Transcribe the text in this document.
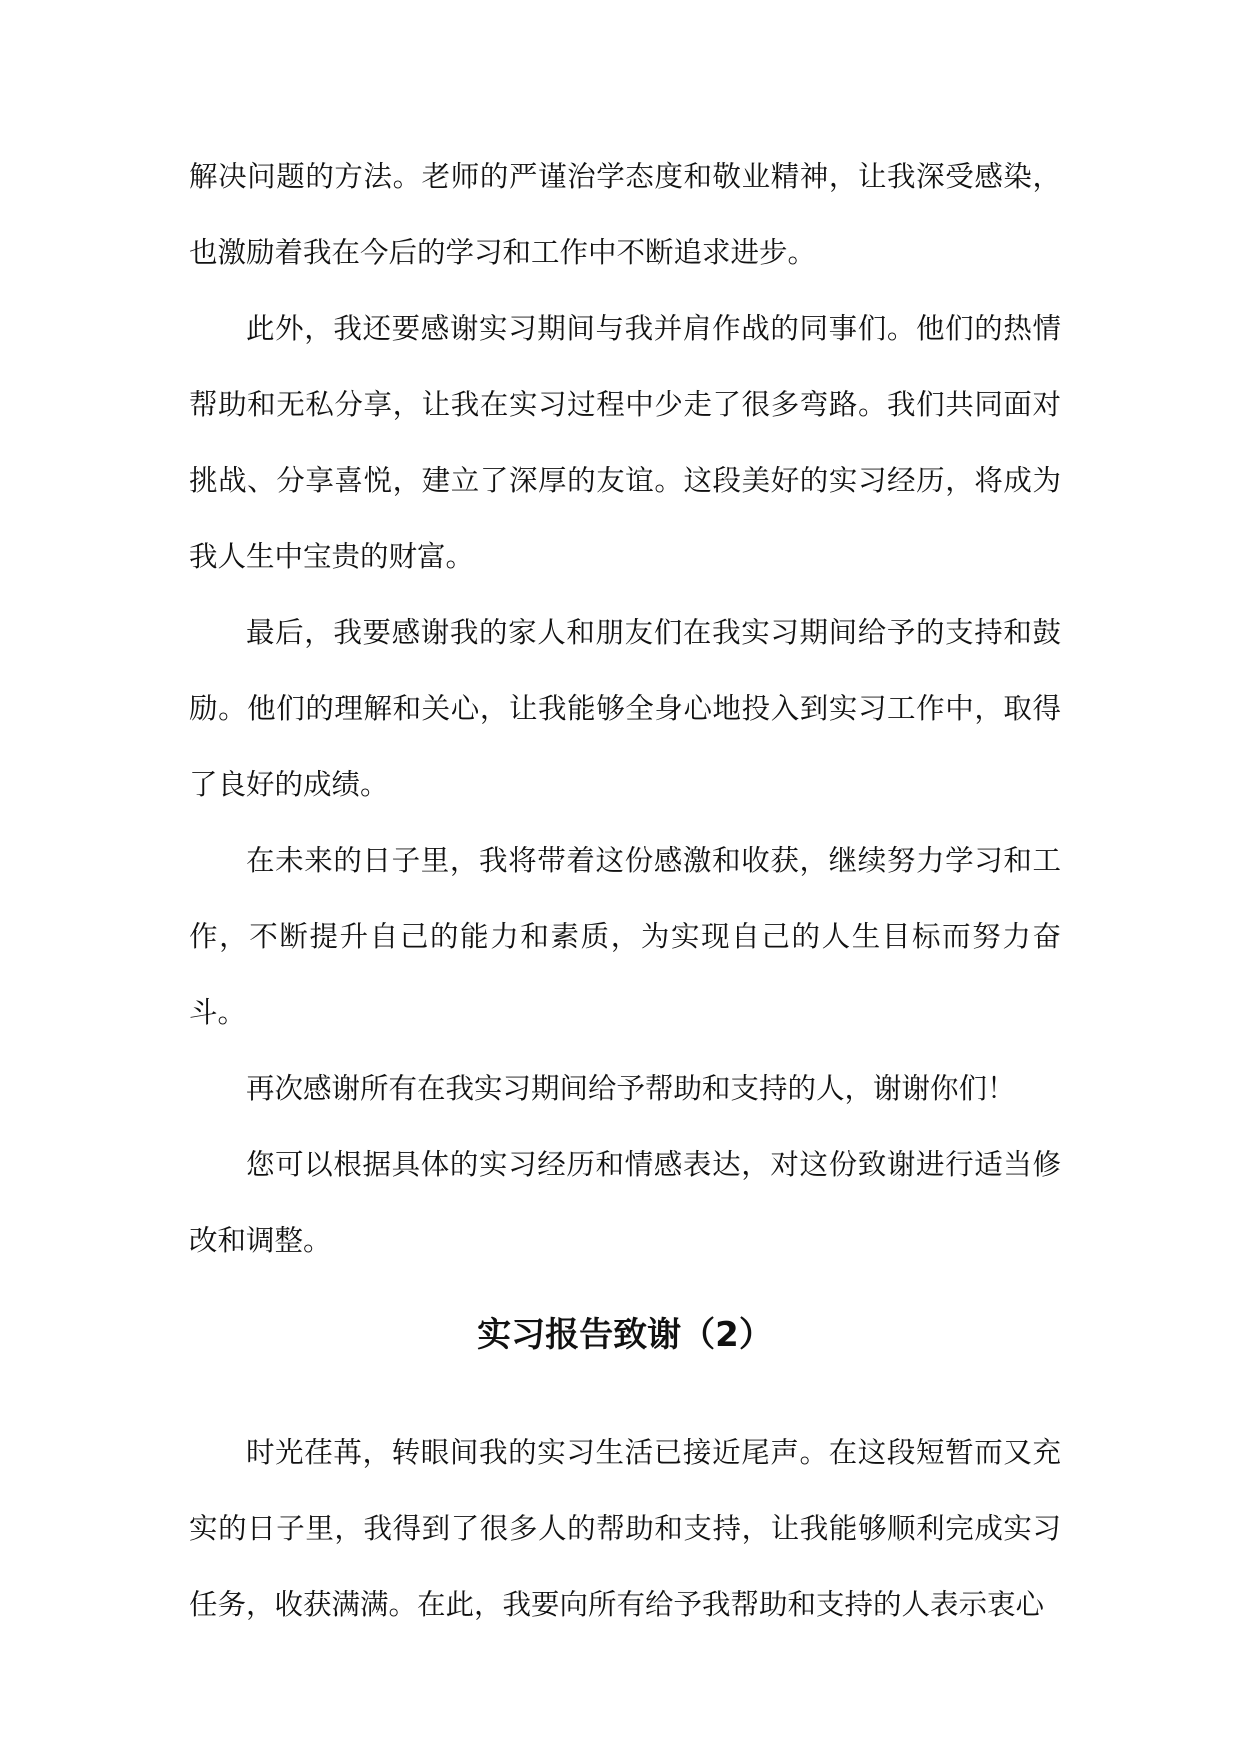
解决问题的方法。老师的严谨治学态度和敬业精神，让我深受感染，也激励着我在今后的学习和工作中不断追求进步。

此外，我还要感谢实习期间与我并肩作战的同事们。他们的热情帮助和无私分享，让我在实习过程中少走了很多弯路。我们共同面对挑战、分享喜悦，建立了深厚的友谊。这段美好的实习经历，将成为我人生中宝贵的财富。

最后，我要感谢我的家人和朋友们在我实习期间给予的支持和鼓励。他们的理解和关心，让我能够全身心地投入到实习工作中，取得了良好的成绩。

在未来的日子里，我将带着这份感激和收获，继续努力学习和工作，不断提升自己的能力和素质，为实现自己的人生目标而努力奋斗。

再次感谢所有在我实习期间给予帮助和支持的人，谢谢你们！

您可以根据具体的实习经历和情感表达，对这份致谢进行适当修改和调整。

实习报告致谢（2）

时光荏苒，转眼间我的实习生活已接近尾声。在这段短暂而又充实的日子里，我得到了很多人的帮助和支持，让我能够顺利完成实习任务，收获满满。在此，我要向所有给予我帮助和支持的人表示衷心
